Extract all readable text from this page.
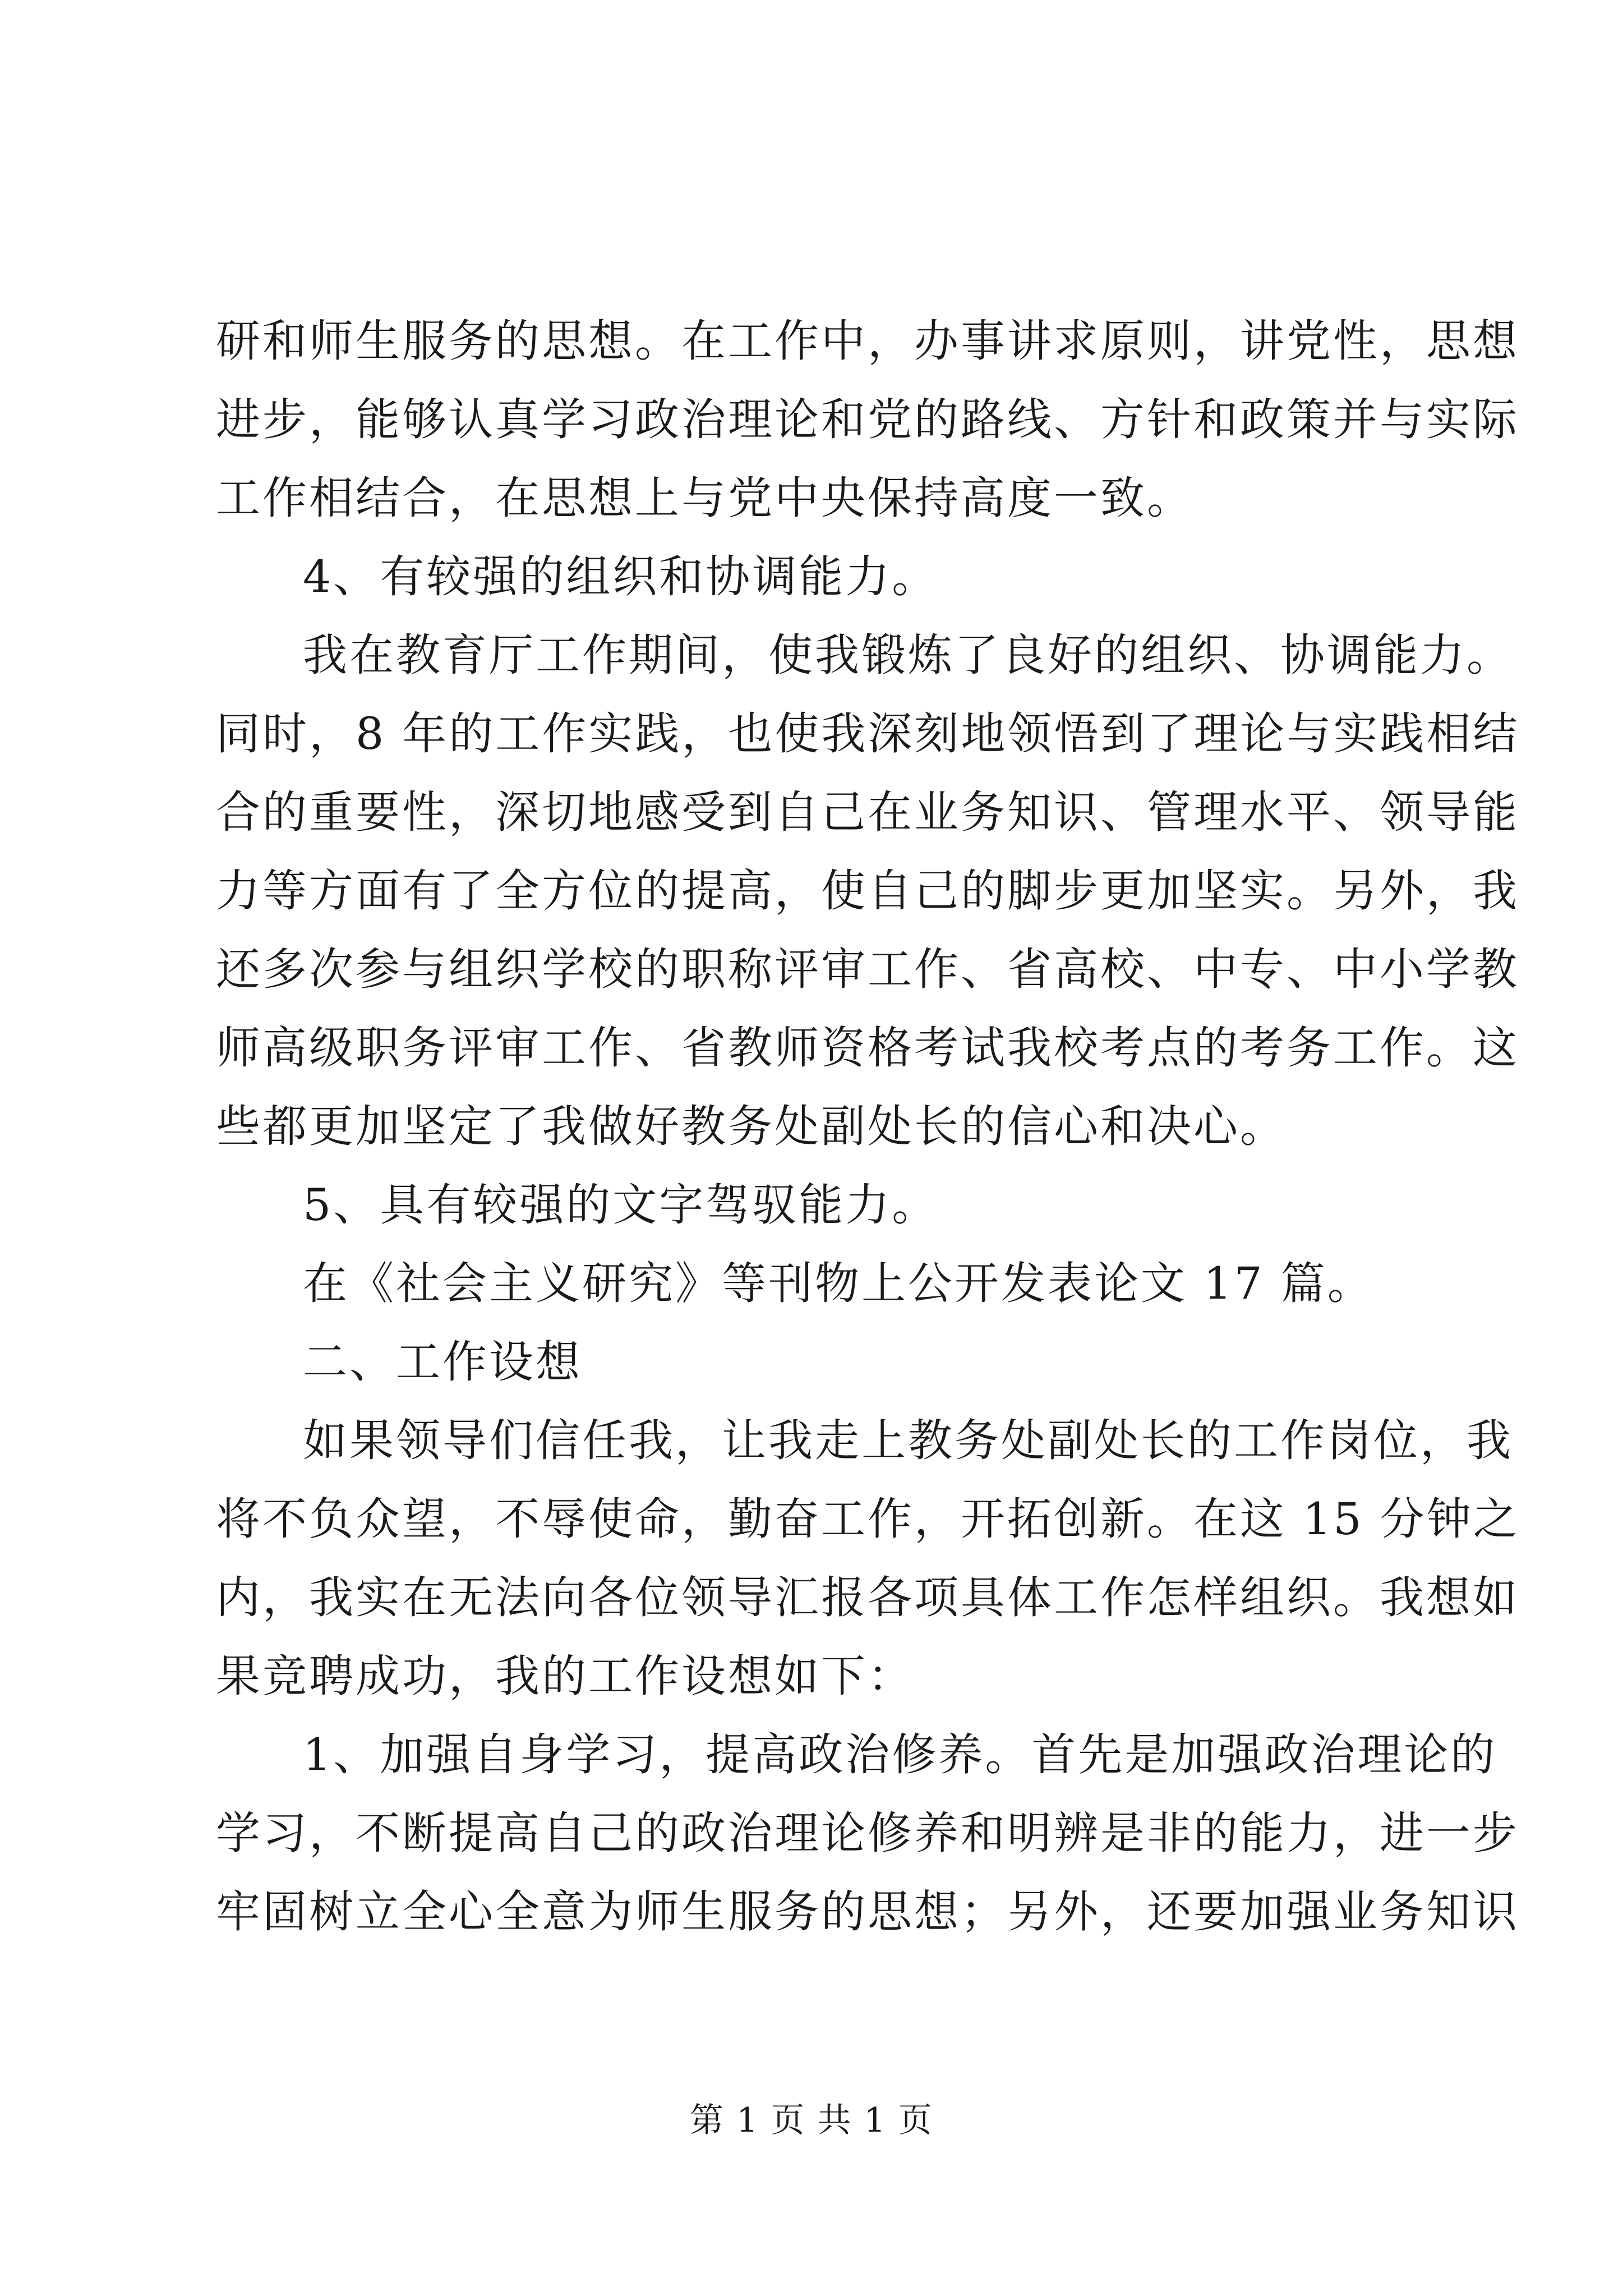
研和师生服务的思想。在工作中，办事讲求原则，讲党性，思想
进步，能够认真学习政治理论和党的路线、方针和政策并与实际
工作相结合，在思想上与党中央保持高度一致。
4、有较强的组织和协调能力。
我在教育厅工作期间，使我锻炼了良好的组织、协调能力。
同时，8 年的工作实践，也使我深刻地领悟到了理论与实践相结
合的重要性，深切地感受到自己在业务知识、管理水平、领导能
力等方面有了全方位的提高，使自己的脚步更加坚实。另外，我
还多次参与组织学校的职称评审工作、省高校、中专、中小学教
师高级职务评审工作、省教师资格考试我校考点的考务工作。这
些都更加坚定了我做好教务处副处长的信心和决心。
5、具有较强的文字驾驭能力。
在《社会主义研究》等刊物上公开发表论文 17 篇。
二、工作设想
如果领导们信任我，让我走上教务处副处长的工作岗位，我
将不负众望，不辱使命，勤奋工作，开拓创新。在这 15 分钟之
内，我实在无法向各位领导汇报各项具体工作怎样组织。我想如
果竞聘成功，我的工作设想如下：
1、加强自身学习，提高政治修养。首先是加强政治理论的
学习，不断提高自己的政治理论修养和明辨是非的能力，进一步
牢固树立全心全意为师生服务的思想；另外，还要加强业务知识
第 1 页 共 1 页
